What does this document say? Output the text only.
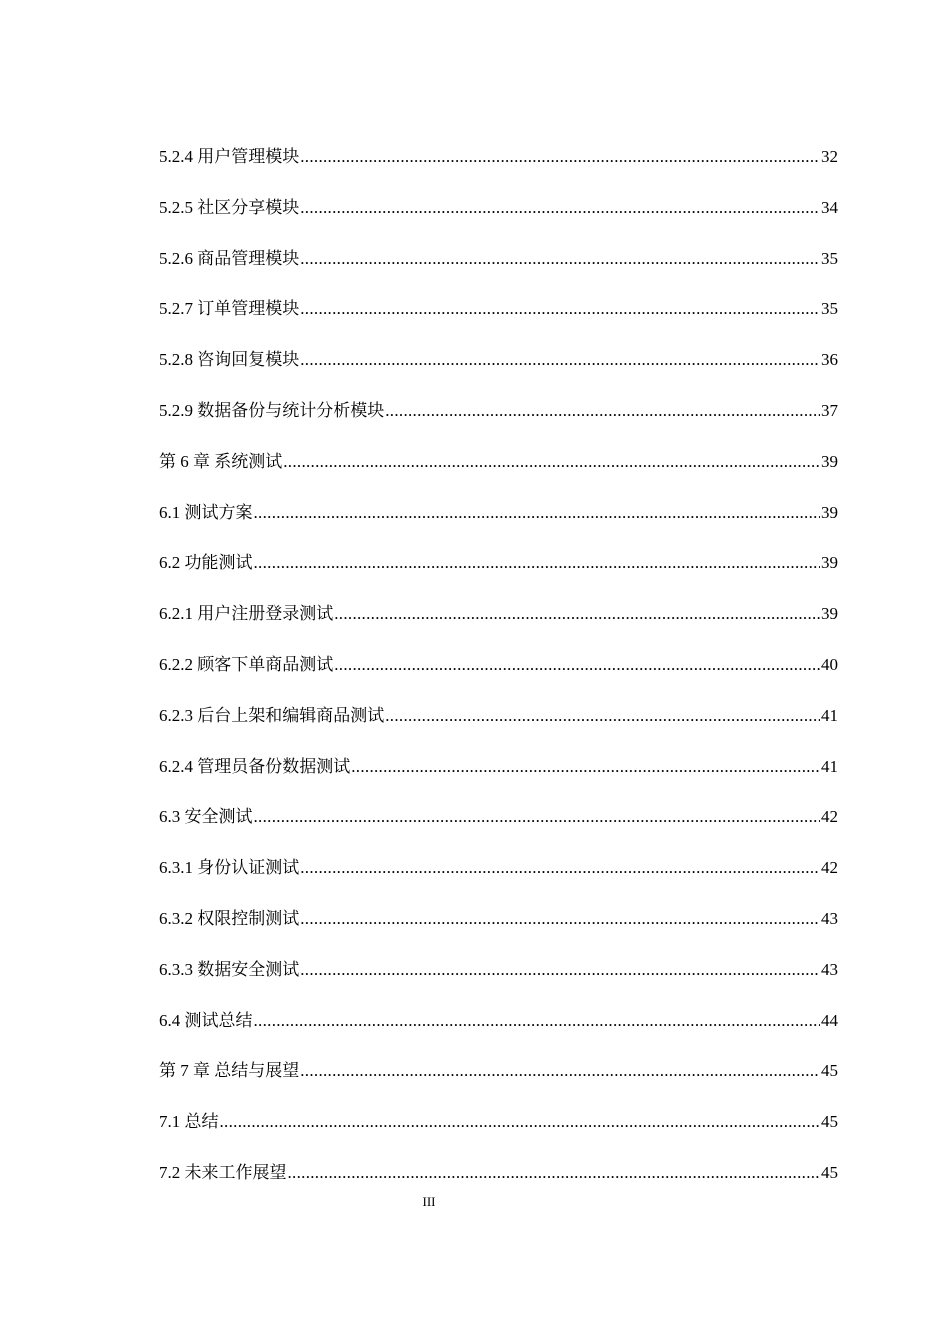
5.2.4 用户管理模块 .....	32
5.2.5 社区分享模块 .....	34
5.2.6 商品管理模块 .....	35
5.2.7 订单管理模块 .....	35
5.2.8 咨询回复模块 .....	36
5.2.9 数据备份与统计分析模块 .....	37
第 6 章 系统测试 .....	39
6.1 测试方案 .....	39
6.2 功能测试 .....	39
6.2.1 用户注册登录测试 .....	39
6.2.2 顾客下单商品测试 .....	40
6.2.3 后台上架和编辑商品测试 .....	41
6.2.4 管理员备份数据测试 .....	41
6.3 安全测试 .....	42
6.3.1 身份认证测试 .....	42
6.3.2 权限控制测试 .....	43
6.3.3 数据安全测试 .....	43
6.4 测试总结 .....	44
第 7 章 总结与展望 .....	45
7.1 总结 .....	45
7.2 未来工作展望 .....	45
III
